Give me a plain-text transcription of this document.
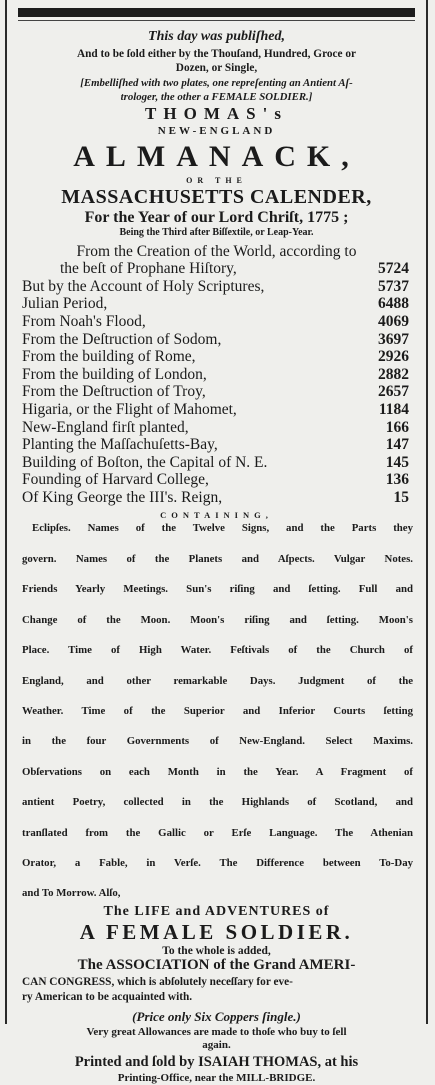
This day was publiſhed,

And to be ſold either by the Thouſand, Hundred, Groce or

Dozen, or Single,

[Embelliſhed with two plates, one repreſenting an Antient Aſ-

trologer, the other a FEMALE SOLDIER.]

THOMAS's

NEW-ENGLAND

ALMANACK,

OR THE

MASSACHUSETTS CALENDER,

For the Year of our Lord Chriſt, 1775 ;

Being the Third after Biſſextile, or Leap-Year.

From the Creation of the World, according to
the beſt of Prophane Hiſtory,	5724
But by the Account of Holy Scriptures,	5737
Julian Period,	6488
From Noah's Flood,	4069
From the Deſtruction of Sodom,	3697
From the building of Rome,	2926
From the building of London,	2882
From the Deſtruction of Troy,	2657
Higaria, or the Flight of Mahomet,	1184
New-England firſt planted,	166
Planting the Maſſachuſetts-Bay,	147
Building of Boſton, the Capital of N. E.	145
Founding of Harvard College,	136
Of King George the III's. Reign,	15

CONTAINING,

Eclipſes. Names of the Twelve Signs, and the Parts they

govern. Names of the Planets and Aſpects. Vulgar Notes.

Friends Yearly Meetings. Sun's riſing and ſetting. Full and

Change of the Moon. Moon's riſing and ſetting. Moon's

Place. Time of High Water. Feſtivals of the Church of

England, and other remarkable Days. Judgment of the

Weather. Time of the Superior and Inferior Courts ſetting

in the four Governments of New-England. Select Maxims.

Obſervations on each Month in the Year. A Fragment of

antient Poetry, collected in the Highlands of Scotland, and

tranſlated from the Gallic or Erſe Language. The Athenian

Orator, a Fable, in Verſe. The Difference between To-Day

and To Morrow. Alſo,

The LIFE and ADVENTURES of

A FEMALE SOLDIER.

To the whole is added,

The ASSOCIATION of the Grand AMERI-

CAN CONGRESS, which is abſolutely neceſſary for eve-

ry American to be acquainted with.

(Price only Six Coppers ſingle.)

Very great Allowances are made to thoſe who buy to ſell

again.

Printed and ſold by ISAIAH THOMAS, at his

Printing-Office, near the MILL-BRIDGE.
